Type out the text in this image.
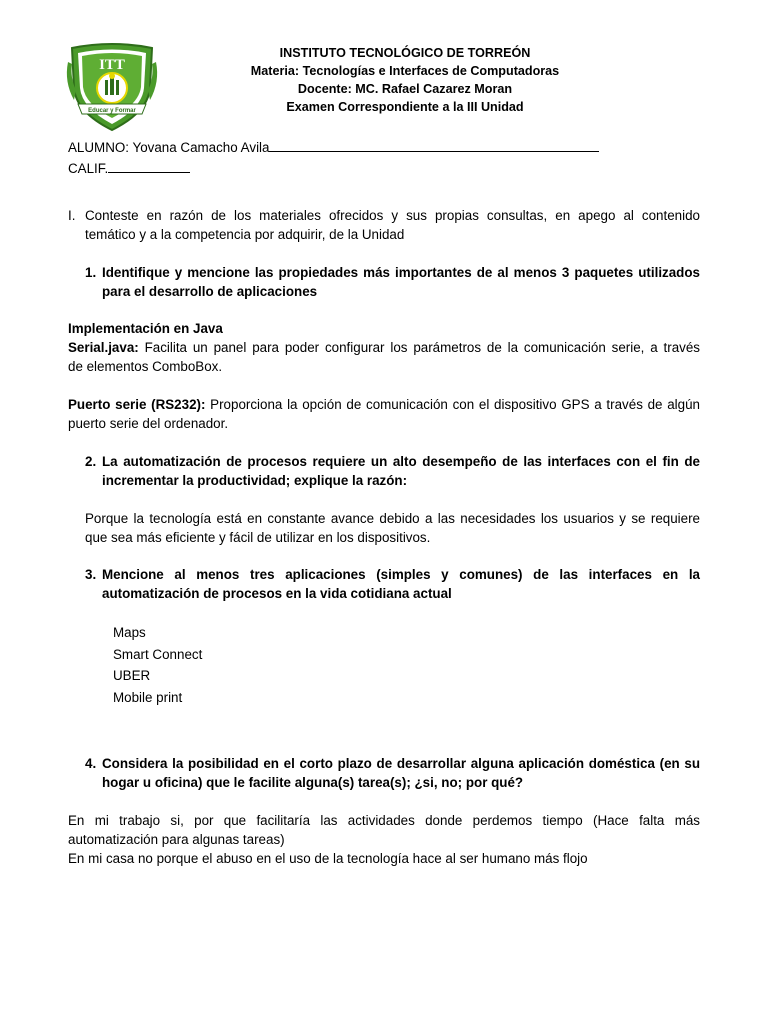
ITT
Educar y Formar
INSTITUTO TECNOLÓGICO DE TORREÓN
Materia: Tecnologías e Interfaces de Computadoras
Docente: MC. Rafael Cazarez Moran
Examen Correspondiente a la III Unidad
ALUMNO: Yovana Camacho Avila
CALIF.
I. Conteste en razón de los materiales ofrecidos y sus propias consultas, en apego al contenido
temático y a la competencia por adquirir, de la Unidad
1. Identifique y mencione las propiedades más importantes de al menos 3 paquetes utilizados
para el desarrollo de aplicaciones
Implementación en Java
Serial.java: Facilita un panel para poder configurar los parámetros de la comunicación serie, a través
de elementos ComboBox.
Puerto serie (RS232): Proporciona la opción de comunicación con el dispositivo GPS a través de algún
puerto serie del ordenador.
2. La automatización de procesos requiere un alto desempeño de las interfaces con el fin de
incrementar la productividad; explique la razón:
Porque la tecnología está en constante avance debido a las necesidades los usuarios y se requiere
que sea más eficiente y fácil de utilizar en los dispositivos.
3. Mencione al menos tres aplicaciones (simples y comunes) de las interfaces en la
automatización de procesos en la vida cotidiana actual
Maps
Smart Connect
UBER
Mobile print
4. Considera la posibilidad en el corto plazo de desarrollar alguna aplicación doméstica (en su
hogar u oficina) que le facilite alguna(s) tarea(s); ¿si, no; por qué?
En mi trabajo si, por que facilitaría las actividades donde perdemos tiempo (Hace falta más
automatización para algunas tareas)
En mi casa no porque el abuso en el uso de la tecnología hace al ser humano más flojo
